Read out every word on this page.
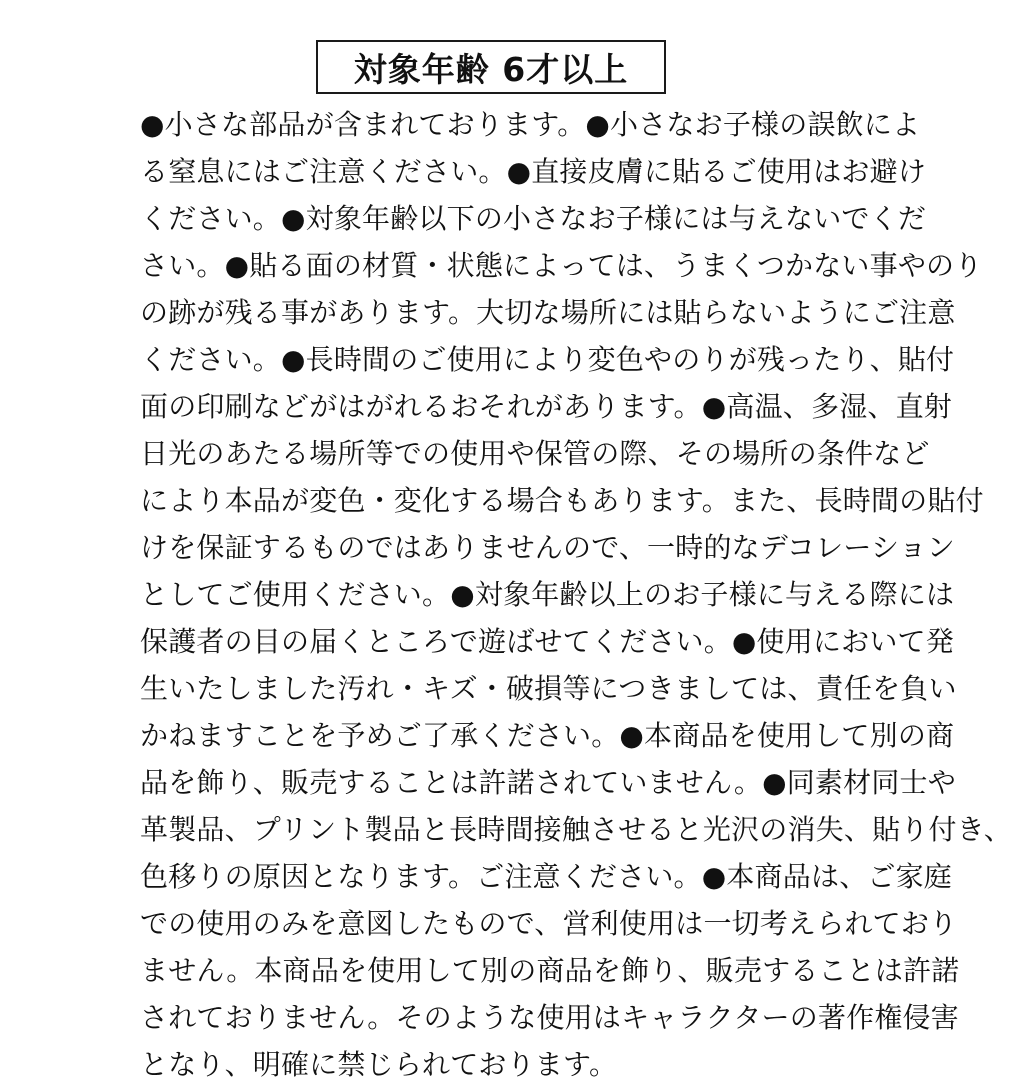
対象年齢 6才以上
●小さな部品が含まれております。●小さなお子様の誤飲によ
る窒息にはご注意ください。●直接皮膚に貼るご使用はお避け
ください。●対象年齢以下の小さなお子様には与えないでくだ
さい。●貼る面の材質・状態によっては、うまくつかない事やのり
の跡が残る事があります。大切な場所には貼らないようにご注意
ください。●長時間のご使用により変色やのりが残ったり、貼付
面の印刷などがはがれるおそれがあります。●高温、多湿、直射
日光のあたる場所等での使用や保管の際、その場所の条件など
により本品が変色・変化する場合もあります。また、長時間の貼付
けを保証するものではありませんので、一時的なデコレーション
としてご使用ください。●対象年齢以上のお子様に与える際には
保護者の目の届くところで遊ばせてください。●使用において発
生いたしました汚れ・キズ・破損等につきましては、責任を負い
かねますことを予めご了承ください。●本商品を使用して別の商
品を飾り、販売することは許諾されていません。●同素材同士や
革製品、プリント製品と長時間接触させると光沢の消失、貼り付き、
色移りの原因となります。ご注意ください。●本商品は、ご家庭
での使用のみを意図したもので、営利使用は一切考えられており
ません。本商品を使用して別の商品を飾り、販売することは許諾
されておりません。そのような使用はキャラクターの著作権侵害
となり、明確に禁じられております。
